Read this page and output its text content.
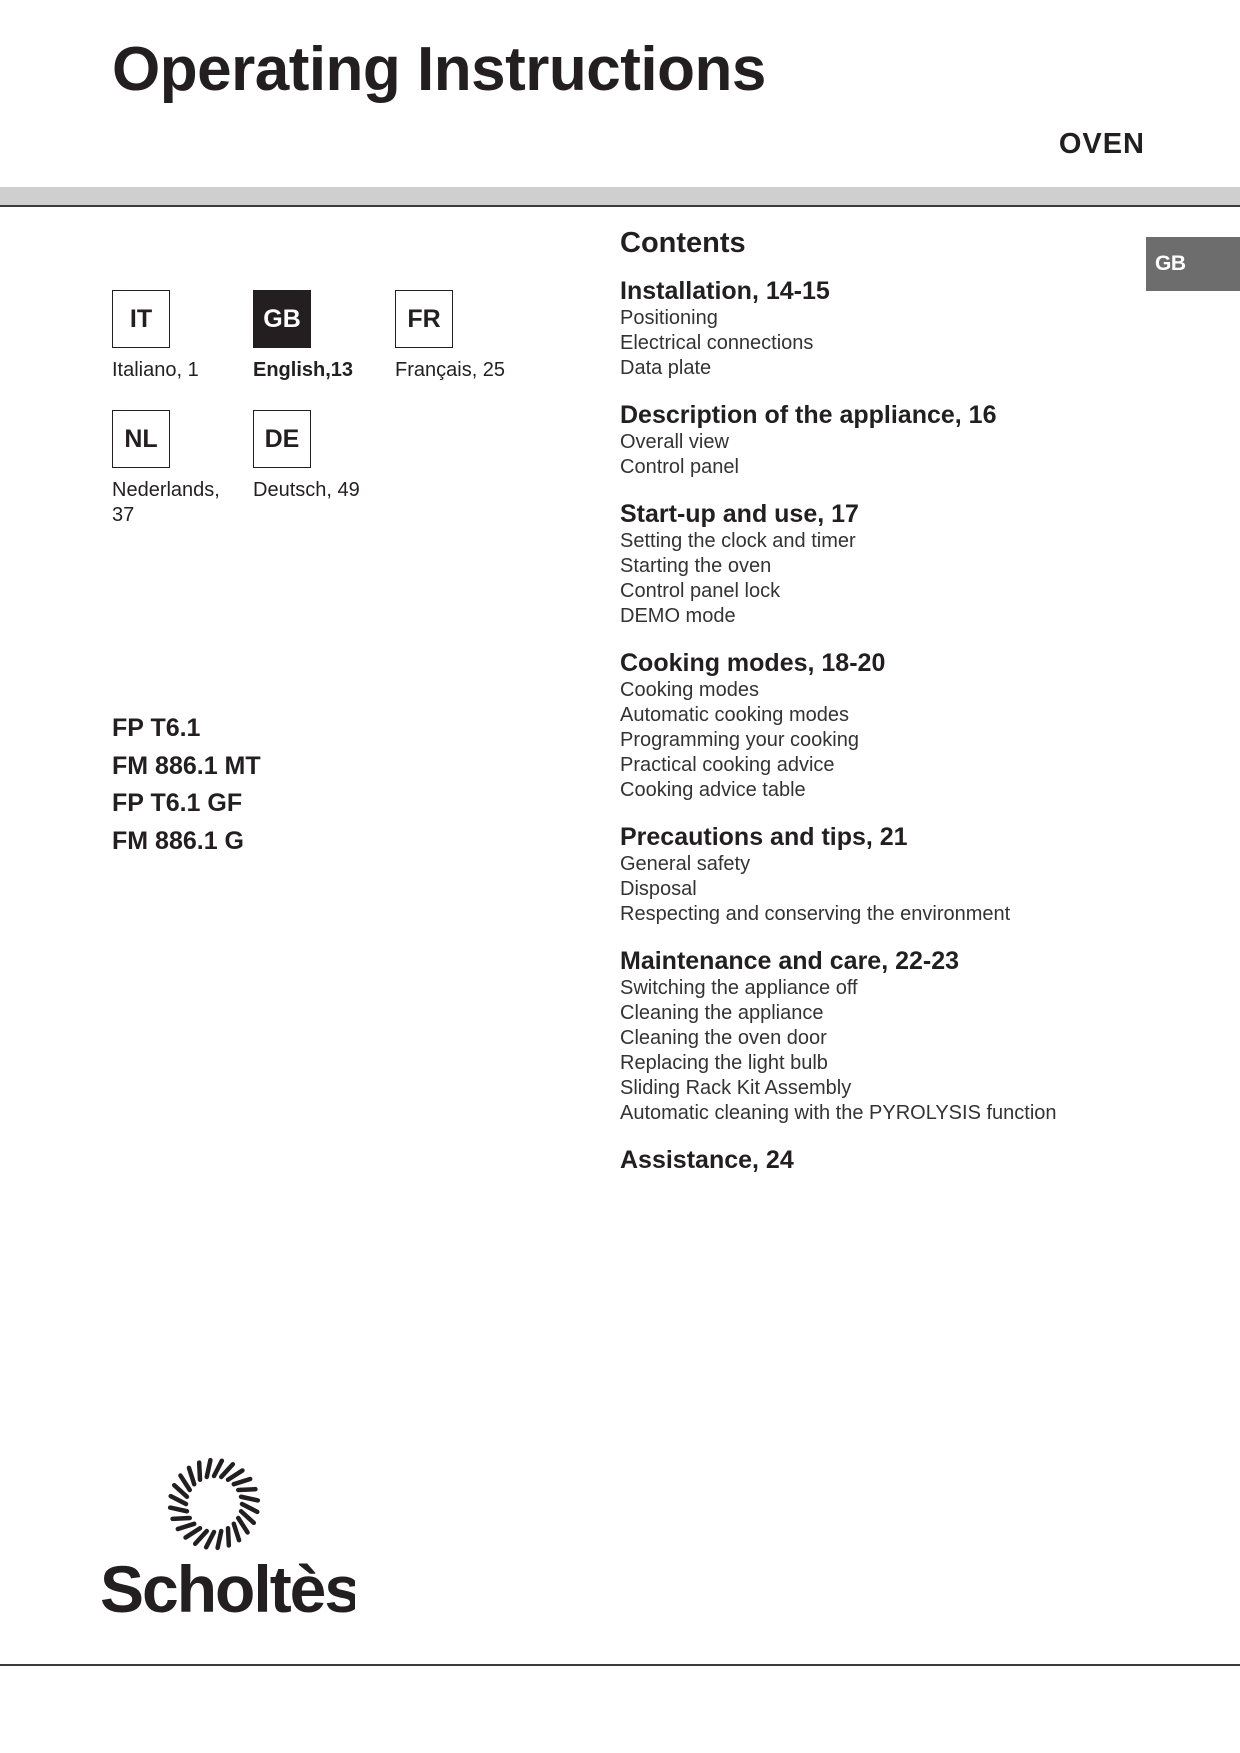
Operating Instructions
OVEN
GB
IT
Italiano, 1
GB
English,13
FR
Français, 25
NL
Nederlands, 37
DE
Deutsch, 49
FP T6.1
FM 886.1 MT
FP T6.1 GF
FM 886.1 G
Contents
Installation, 14-15
Positioning
Electrical connections
Data plate
Description of the appliance, 16
Overall view
Control panel
Start-up and use, 17
Setting the clock and timer
Starting the oven
Control panel lock
DEMO mode
Cooking modes, 18-20
Cooking modes
Automatic cooking modes
Programming your cooking
Practical cooking advice
Cooking advice table
Precautions and tips, 21
General safety
Disposal
Respecting and conserving the environment
Maintenance and care, 22-23
Switching the appliance off
Cleaning the appliance
Cleaning the oven door
Replacing the light bulb
Sliding Rack Kit Assembly
Automatic cleaning with the PYROLYSIS function
Assistance, 24
Scholtès
